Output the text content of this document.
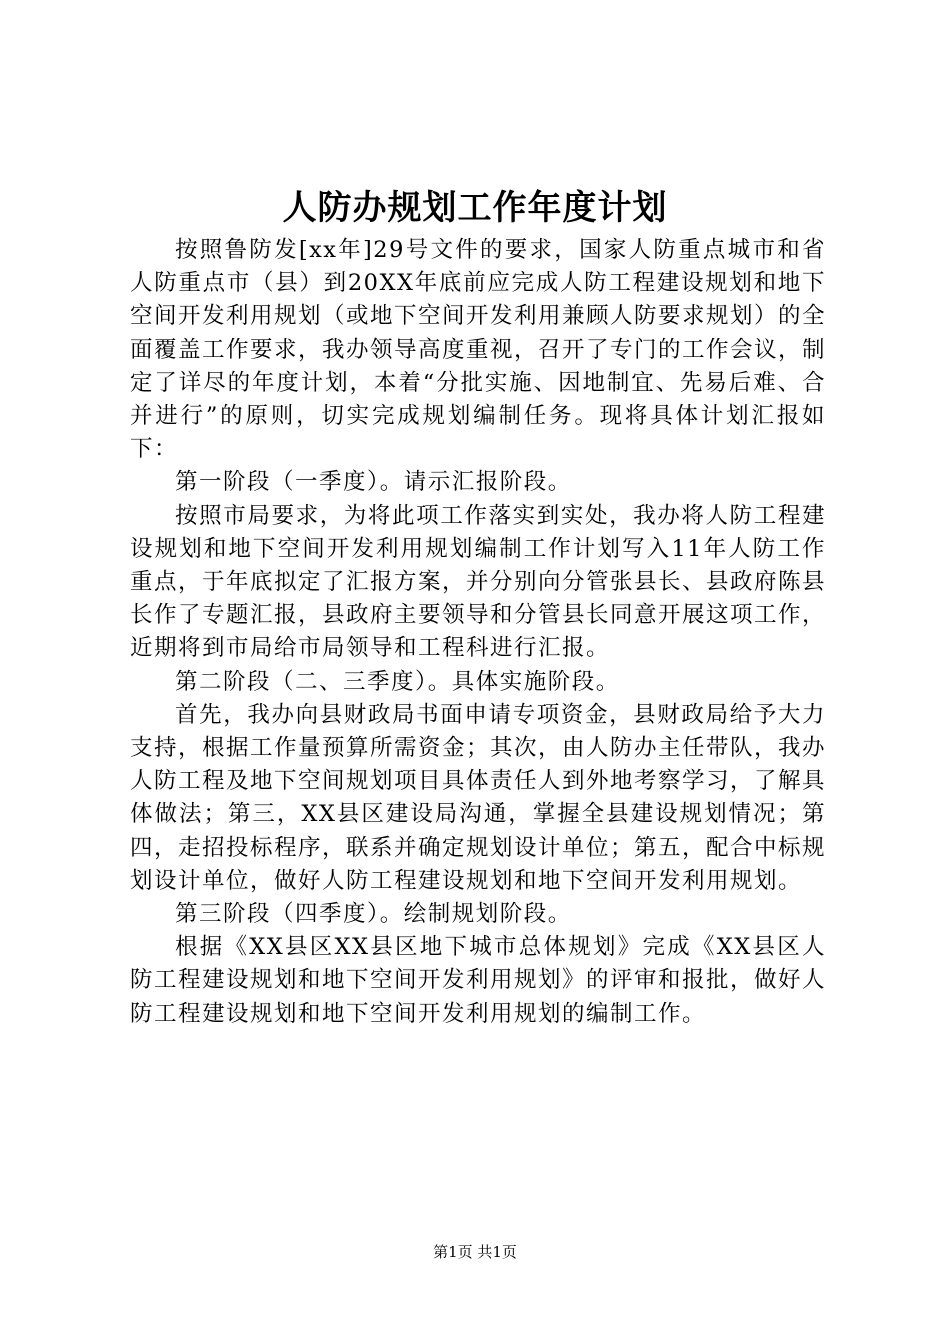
人防办规划工作年度计划

按照鲁防发[xx年]29号文件的要求，国家人防重点城市和省人防重点市（县）到20XX年底前应完成人防工程建设规划和地下空间开发利用规划（或地下空间开发利用兼顾人防要求规划）的全面覆盖工作要求，我办领导高度重视，召开了专门的工作会议，制定了详尽的年度计划，本着“分批实施、因地制宜、先易后难、合并进行”的原则，切实完成规划编制任务。现将具体计划汇报如下：

第一阶段（一季度）。请示汇报阶段。

按照市局要求，为将此项工作落实到实处，我办将人防工程建设规划和地下空间开发利用规划编制工作计划写入11年人防工作重点，于年底拟定了汇报方案，并分别向分管张县长、县政府陈县长作了专题汇报，县政府主要领导和分管县长同意开展这项工作，近期将到市局给市局领导和工程科进行汇报。

第二阶段（二、三季度）。具体实施阶段。

首先，我办向县财政局书面申请专项资金，县财政局给予大力支持，根据工作量预算所需资金；其次，由人防办主任带队，我办人防工程及地下空间规划项目具体责任人到外地考察学习，了解具体做法；第三，XX县区建设局沟通，掌握全县建设规划情况；第四，走招投标程序，联系并确定规划设计单位；第五，配合中标规划设计单位，做好人防工程建设规划和地下空间开发利用规划。

第三阶段（四季度）。绘制规划阶段。

根据《XX县区XX县区地下城市总体规划》完成《XX县区人防工程建设规划和地下空间开发利用规划》的评审和报批，做好人防工程建设规划和地下空间开发利用规划的编制工作。

第1页 共1页
